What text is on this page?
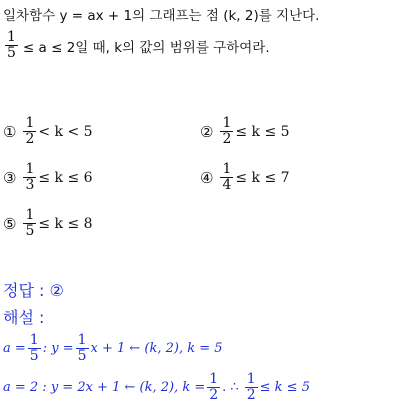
일차함수 y = ax + 1의 그래프는 점 (k, 2)를 지난다.
$\frac{1}{5} \le a \le 2$일 때, k의 값의 범위를 구하여라.
① $\frac{1}{2} < k < 5$	② $\frac{1}{2} \le k \le 5$
③ $\frac{1}{3} \le k \le 6$	④ $\frac{1}{4} \le k \le 7$
⑤ $\frac{1}{5} \le k \le 8$
정답 : ②
해설 :
$a = \frac{1}{5}$ : $y = \frac{1}{5}$ x + 1 ← (k, 2), k = 5
a = 2 : y = 2x + 1 ← (k, 2), $k = \frac{1}{2}$ . ∴ $\frac{1}{2} \le k \le 5$
